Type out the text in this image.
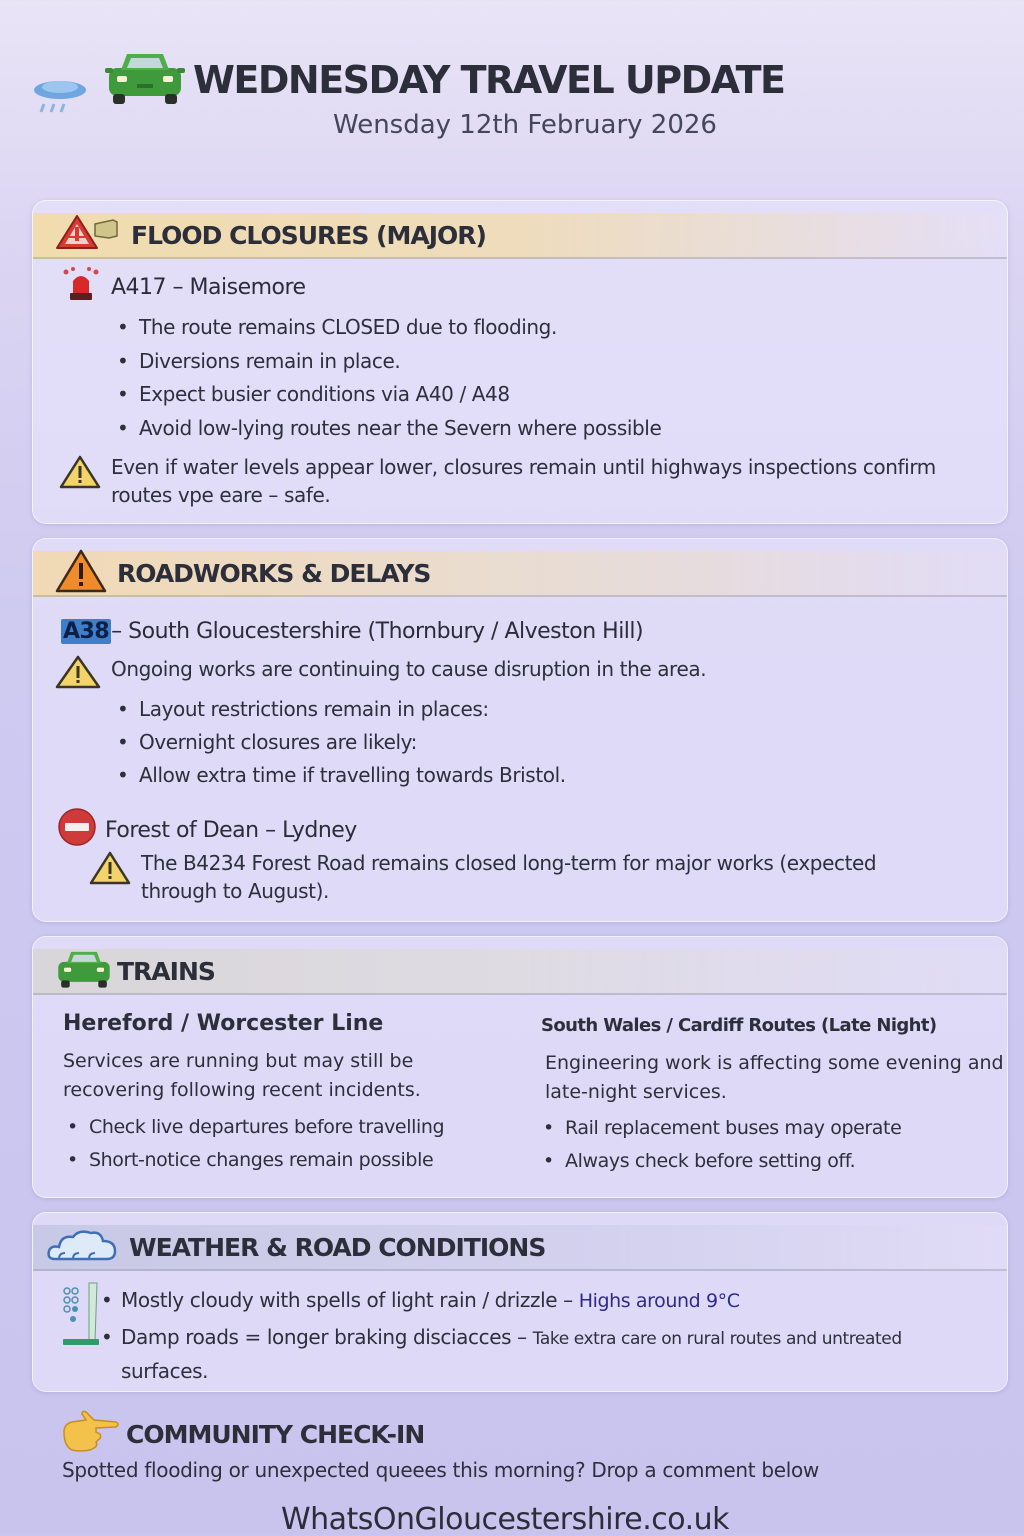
WEDNESDAY TRAVEL UPDATE
Wensday 12th February 2026
FLOOD CLOSURES (MAJOR)
A417 – Maisemore
• The route remains CLOSED due to flooding.
• Diversions remain in place.
• Expect busier conditions via A40 / A48
• Avoid low-lying routes near the Severn where possible
Even if water levels appear lower, closures remain until highways inspections confirm routes vpe eare – safe.
ROADWORKS & DELAYS
A38 – South Gloucestershire (Thornbury / Alveston Hill)
Ongoing works are continuing to cause disruption in the area.
• Layout restrictions remain in places:
• Overnight closures are likely:
• Allow extra time if travelling towards Bristol.
Forest of Dean – Lydney
The B4234 Forest Road remains closed long-term for major works (expected through to August).
TRAINS
Hereford / Worcester Line
Services are running but may still be recovering following recent incidents.
• Check live departures before travelling
• Short-notice changes remain possible
South Wales / Cardiff Routes (Late Night)
Engineering work is affecting some evening and late-night services.
• Rail replacement buses may operate
• Always check before setting off.
WEATHER & ROAD CONDITIONS
• Mostly cloudy with spells of light rain / drizzle – Highs around 9°C
• Damp roads = longer braking disciacces – Take extra care on rural routes and untreated
surfaces.
COMMUNITY CHECK-IN
Spotted flooding or unexpected queees this morning? Drop a comment below
WhatsOnGloucestershire.co.uk
